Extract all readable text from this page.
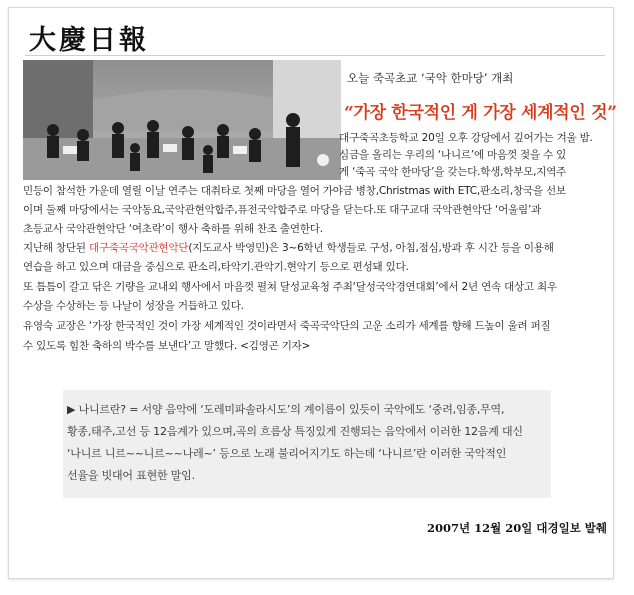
大慶日報
오늘 죽곡초교 ‘국악 한마당’ 개최
“가장 한국적인 게 가장 세계적인 것”
대구죽곡초등학교 20일 오후 강당에서 깊어가는 겨울 밤.
심금을 올리는 우리의 ‘나니르’에 마음껏 젖을 수 있
게 ‘죽곡 국악 한마당’을 갖는다.학생,학부모,지역주
민등이 참석한 가운데 열릴 이날 연주는 대취타로 첫째 마당을 열어 가야금 병창,Christmas with ETC,판소리,창국을 선보
이며 둘째 마당에서는 국악동요,국악관현악합주,퓨전국악합주로 마당을 닫는다.또 대구교대 국악관현악단 ‘어울림’과
초등교사 국악관현악단 ‘여초락’이 행사 축하를 위해 찬조 출연한다.
지난해 창단된 대구죽곡국악관현악단(지도교사 박영민)은 3~6학년 학생들로 구성, 아침,점심,방과 후 시간 등을 이용해
연습을 하고 있으며 대금을 중심으로 판소리,타악기.관악기.현악기 등으로 편성돼 있다.
또 틈틈이 갈고 닦은 기량을 교내외 행사에서 마음껏 펼쳐 달성교육청 주최‘달성국악경연대회’에서 2년 연속 대상고 최우
수상을 수상하는 등 나날이 성장을 거듭하고 있다.
유영숙 교장은 ‘가장 한국적인 것이 가장 세계적인 것이라면서 죽곡국악단의 고운 소리가 세계를 향해 드높이 울려 퍼질
수 있도록 힘찬 축하의 박수를 보낸다’고 말했다. <김영곤 기자>
▶ 나니르란? = 서양 음악에 ‘도레미파솔라시도’의 계이름이 있듯이 국악에도 ‘중려,임종,무역,
황종,태주,고선 등 12음계가 있으며,곡의 흐름상 특징있게 진행되는 음악에서 이러한 12음계 대신
‘나니르 니르~~니르~~나레~’ 등으로 노래 불리어지기도 하는데 ‘나니르’란 이러한 국악적인
선율을 빗대어 표현한 말임.
2007년 12월 20일 대경일보 발췌
